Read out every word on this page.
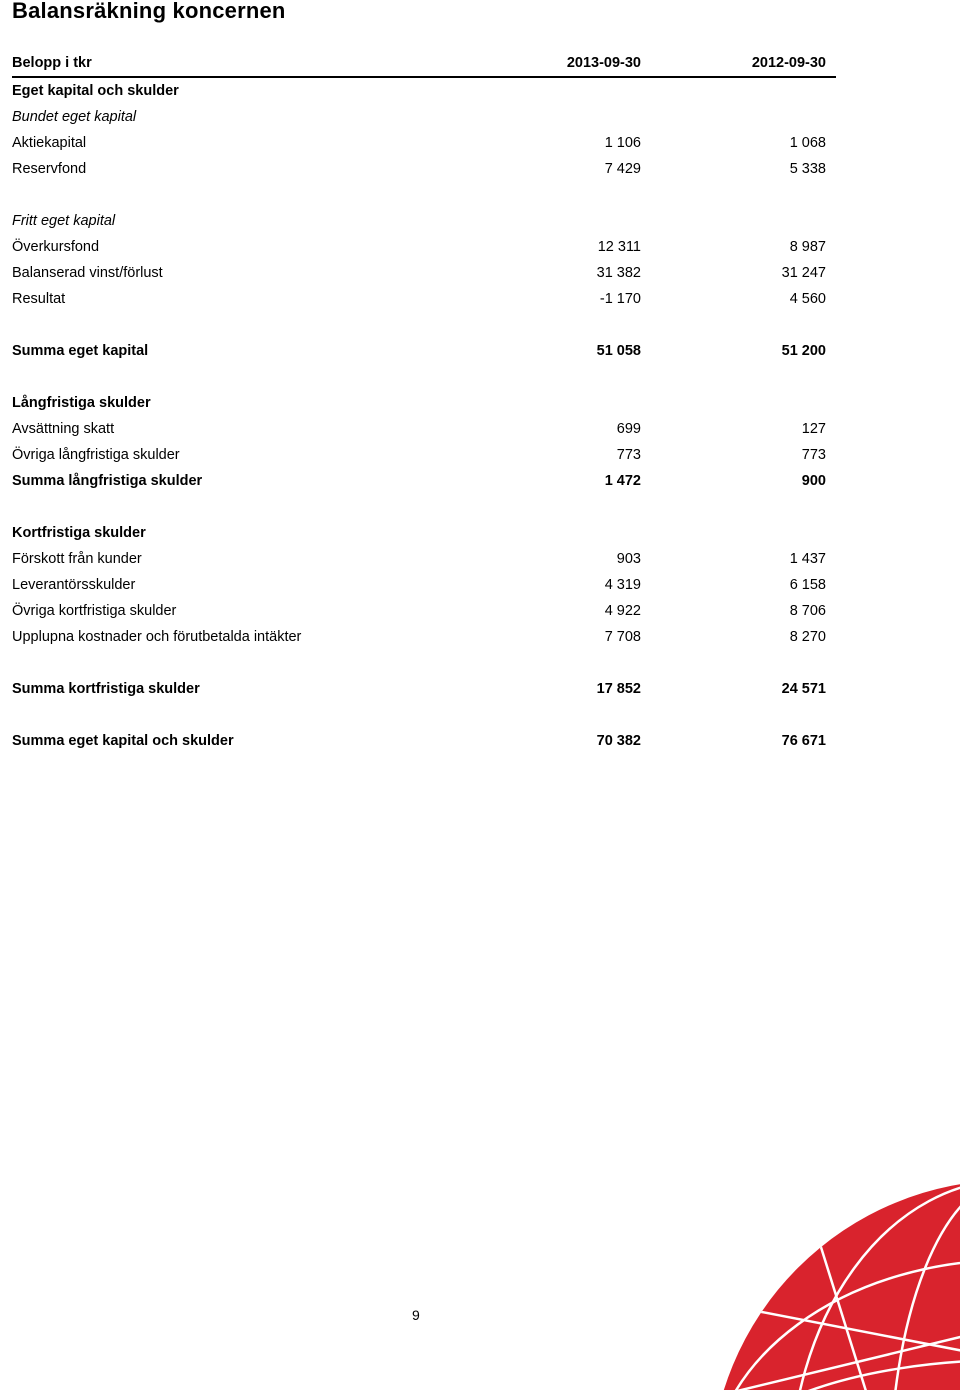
Balansräkning koncernen
Belopp i tkr	2013-09-30	2012-09-30
Eget kapital och skulder
Bundet eget kapital
Aktiekapital	1 106	1 068
Reservfond	7 429	5 338
Fritt eget kapital
Överkursfond	12 311	8 987
Balanserad vinst/förlust	31 382	31 247
Resultat	-1 170	4 560
Summa eget kapital	51 058	51 200
Långfristiga skulder
Avsättning skatt	699	127
Övriga långfristiga skulder	773	773
Summa långfristiga skulder	1 472	900
Kortfristiga skulder
Förskott från kunder	903	1 437
Leverantörsskulder	4 319	6 158
Övriga kortfristiga skulder	4 922	8 706
Upplupna kostnader och förutbetalda intäkter	7 708	8 270
Summa kortfristiga skulder	17 852	24 571
Summa eget kapital och skulder	70 382	76 671
9
